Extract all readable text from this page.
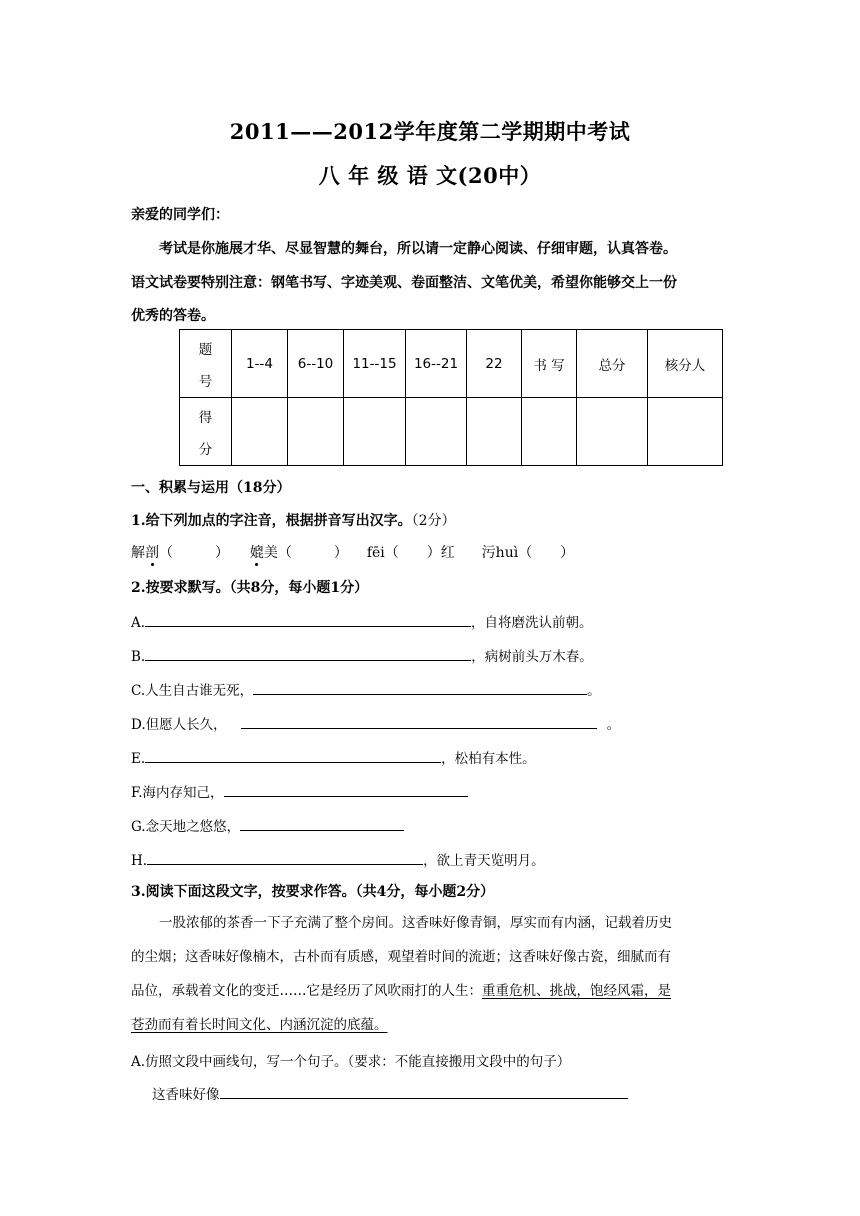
2011——2012学年度第二学期期中考试
八 年 级 语 文(20中）
亲爱的同学们：
考试是你施展才华、尽显智慧的舞台，所以请一定静心阅读、仔细审题，认真答卷。
语文试卷要特别注意：钢笔书写、字迹美观、卷面整洁、文笔优美，希望你能够交上一份
优秀的答卷。
题
号	1--4	6--10	11--15	16--21	22	书 写	总分	核分人

得
分								

一、积累与运用（18分）
1.给下列加点的字注音，根据拼音写出汉字。（2分）
解剖（　　　） 媲美（　　　） fēi（　　）红 污huì（　　）
2.按要求默写。（共8分，每小题1分）
A.	，自将磨洗认前朝。
B.	，病树前头万木春。
C.人生自古谁无死，	。
D.但愿人长久，	。
E.	，松柏有本性。
F.海内存知己，
G.念天地之悠悠，
H.	，欲上青天览明月。
3.阅读下面这段文字，按要求作答。（共4分，每小题2分）
一股浓郁的茶香一下子充满了整个房间。这香味好像青铜，厚实而有内涵，记载着历史
的尘烟；这香味好像楠木，古朴而有质感，观望着时间的流逝；这香味好像古瓷，细腻而有
品位，承载着文化的变迁……它是经历了风吹雨打的人生：重重危机、挑战，饱经风霜，是
苍劲而有着长时间文化、内涵沉淀的底蕴。
A.仿照文段中画线句，写一个句子。（要求：不能直接搬用文段中的句子）
这香味好像
